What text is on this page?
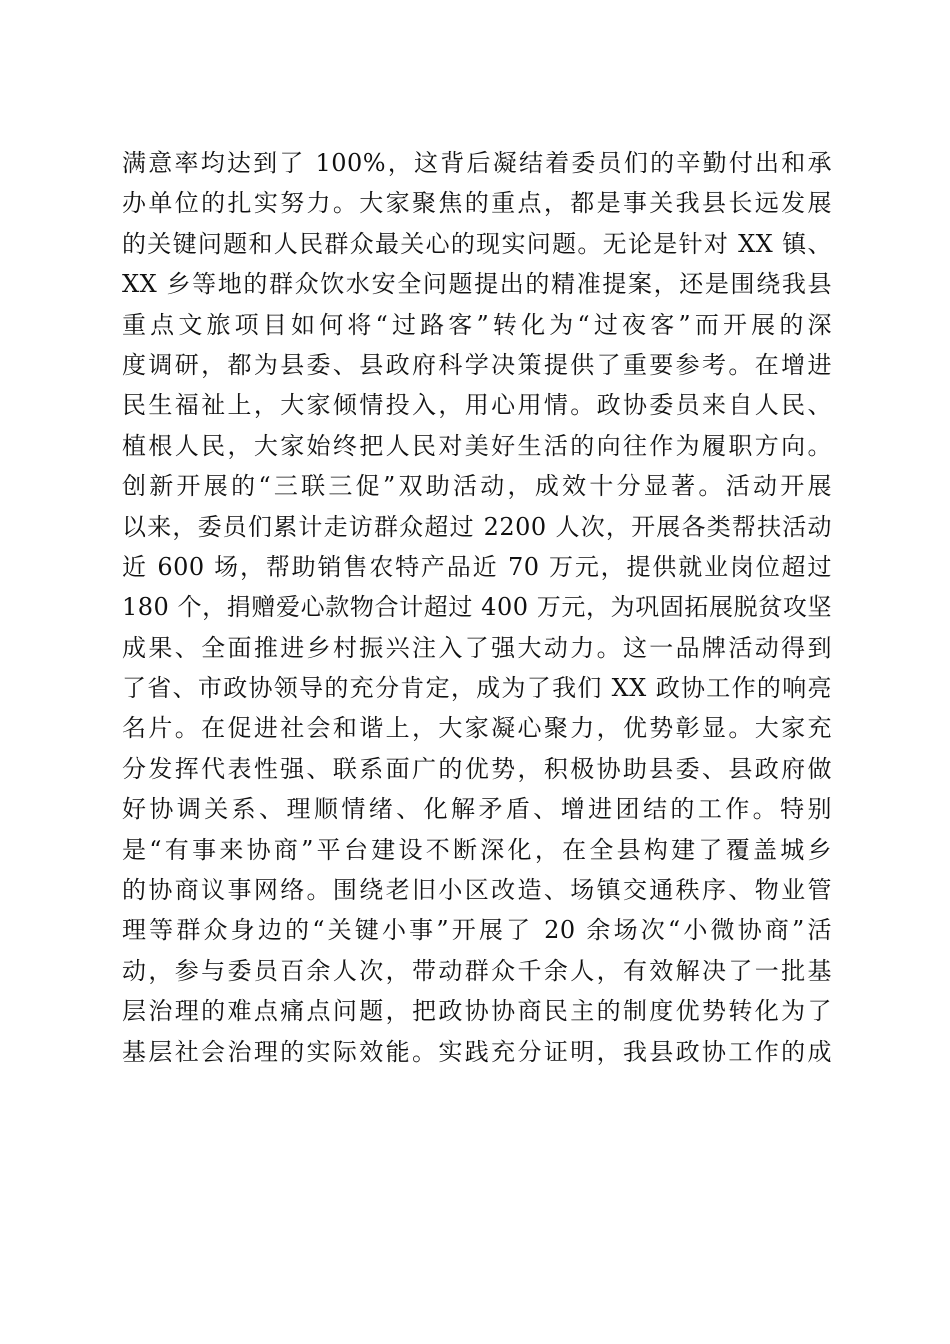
满意率均达到了 100%，这背后凝结着委员们的辛勤付出和承
办单位的扎实努力。大家聚焦的重点，都是事关我县长远发展
的关键问题和人民群众最关心的现实问题。无论是针对 XX 镇、
XX 乡等地的群众饮水安全问题提出的精准提案，还是围绕我县
重点文旅项目如何将“过路客”转化为“过夜客”而开展的深
度调研，都为县委、县政府科学决策提供了重要参考。在增进
民生福祉上，大家倾情投入，用心用情。政协委员来自人民、
植根人民，大家始终把人民对美好生活的向往作为履职方向。
创新开展的“三联三促”双助活动，成效十分显著。活动开展
以来，委员们累计走访群众超过 2200 人次，开展各类帮扶活动
近 600 场，帮助销售农特产品近 70 万元，提供就业岗位超过
180 个，捐赠爱心款物合计超过 400 万元，为巩固拓展脱贫攻坚
成果、全面推进乡村振兴注入了强大动力。这一品牌活动得到
了省、市政协领导的充分肯定，成为了我们 XX 政协工作的响亮
名片。在促进社会和谐上，大家凝心聚力，优势彰显。大家充
分发挥代表性强、联系面广的优势，积极协助县委、县政府做
好协调关系、理顺情绪、化解矛盾、增进团结的工作。特别
是“有事来协商”平台建设不断深化，在全县构建了覆盖城乡
的协商议事网络。围绕老旧小区改造、场镇交通秩序、物业管
理等群众身边的“关键小事”开展了 20 余场次“小微协商”活
动，参与委员百余人次，带动群众千余人，有效解决了一批基
层治理的难点痛点问题，把政协协商民主的制度优势转化为了
基层社会治理的实际效能。实践充分证明，我县政协工作的成
